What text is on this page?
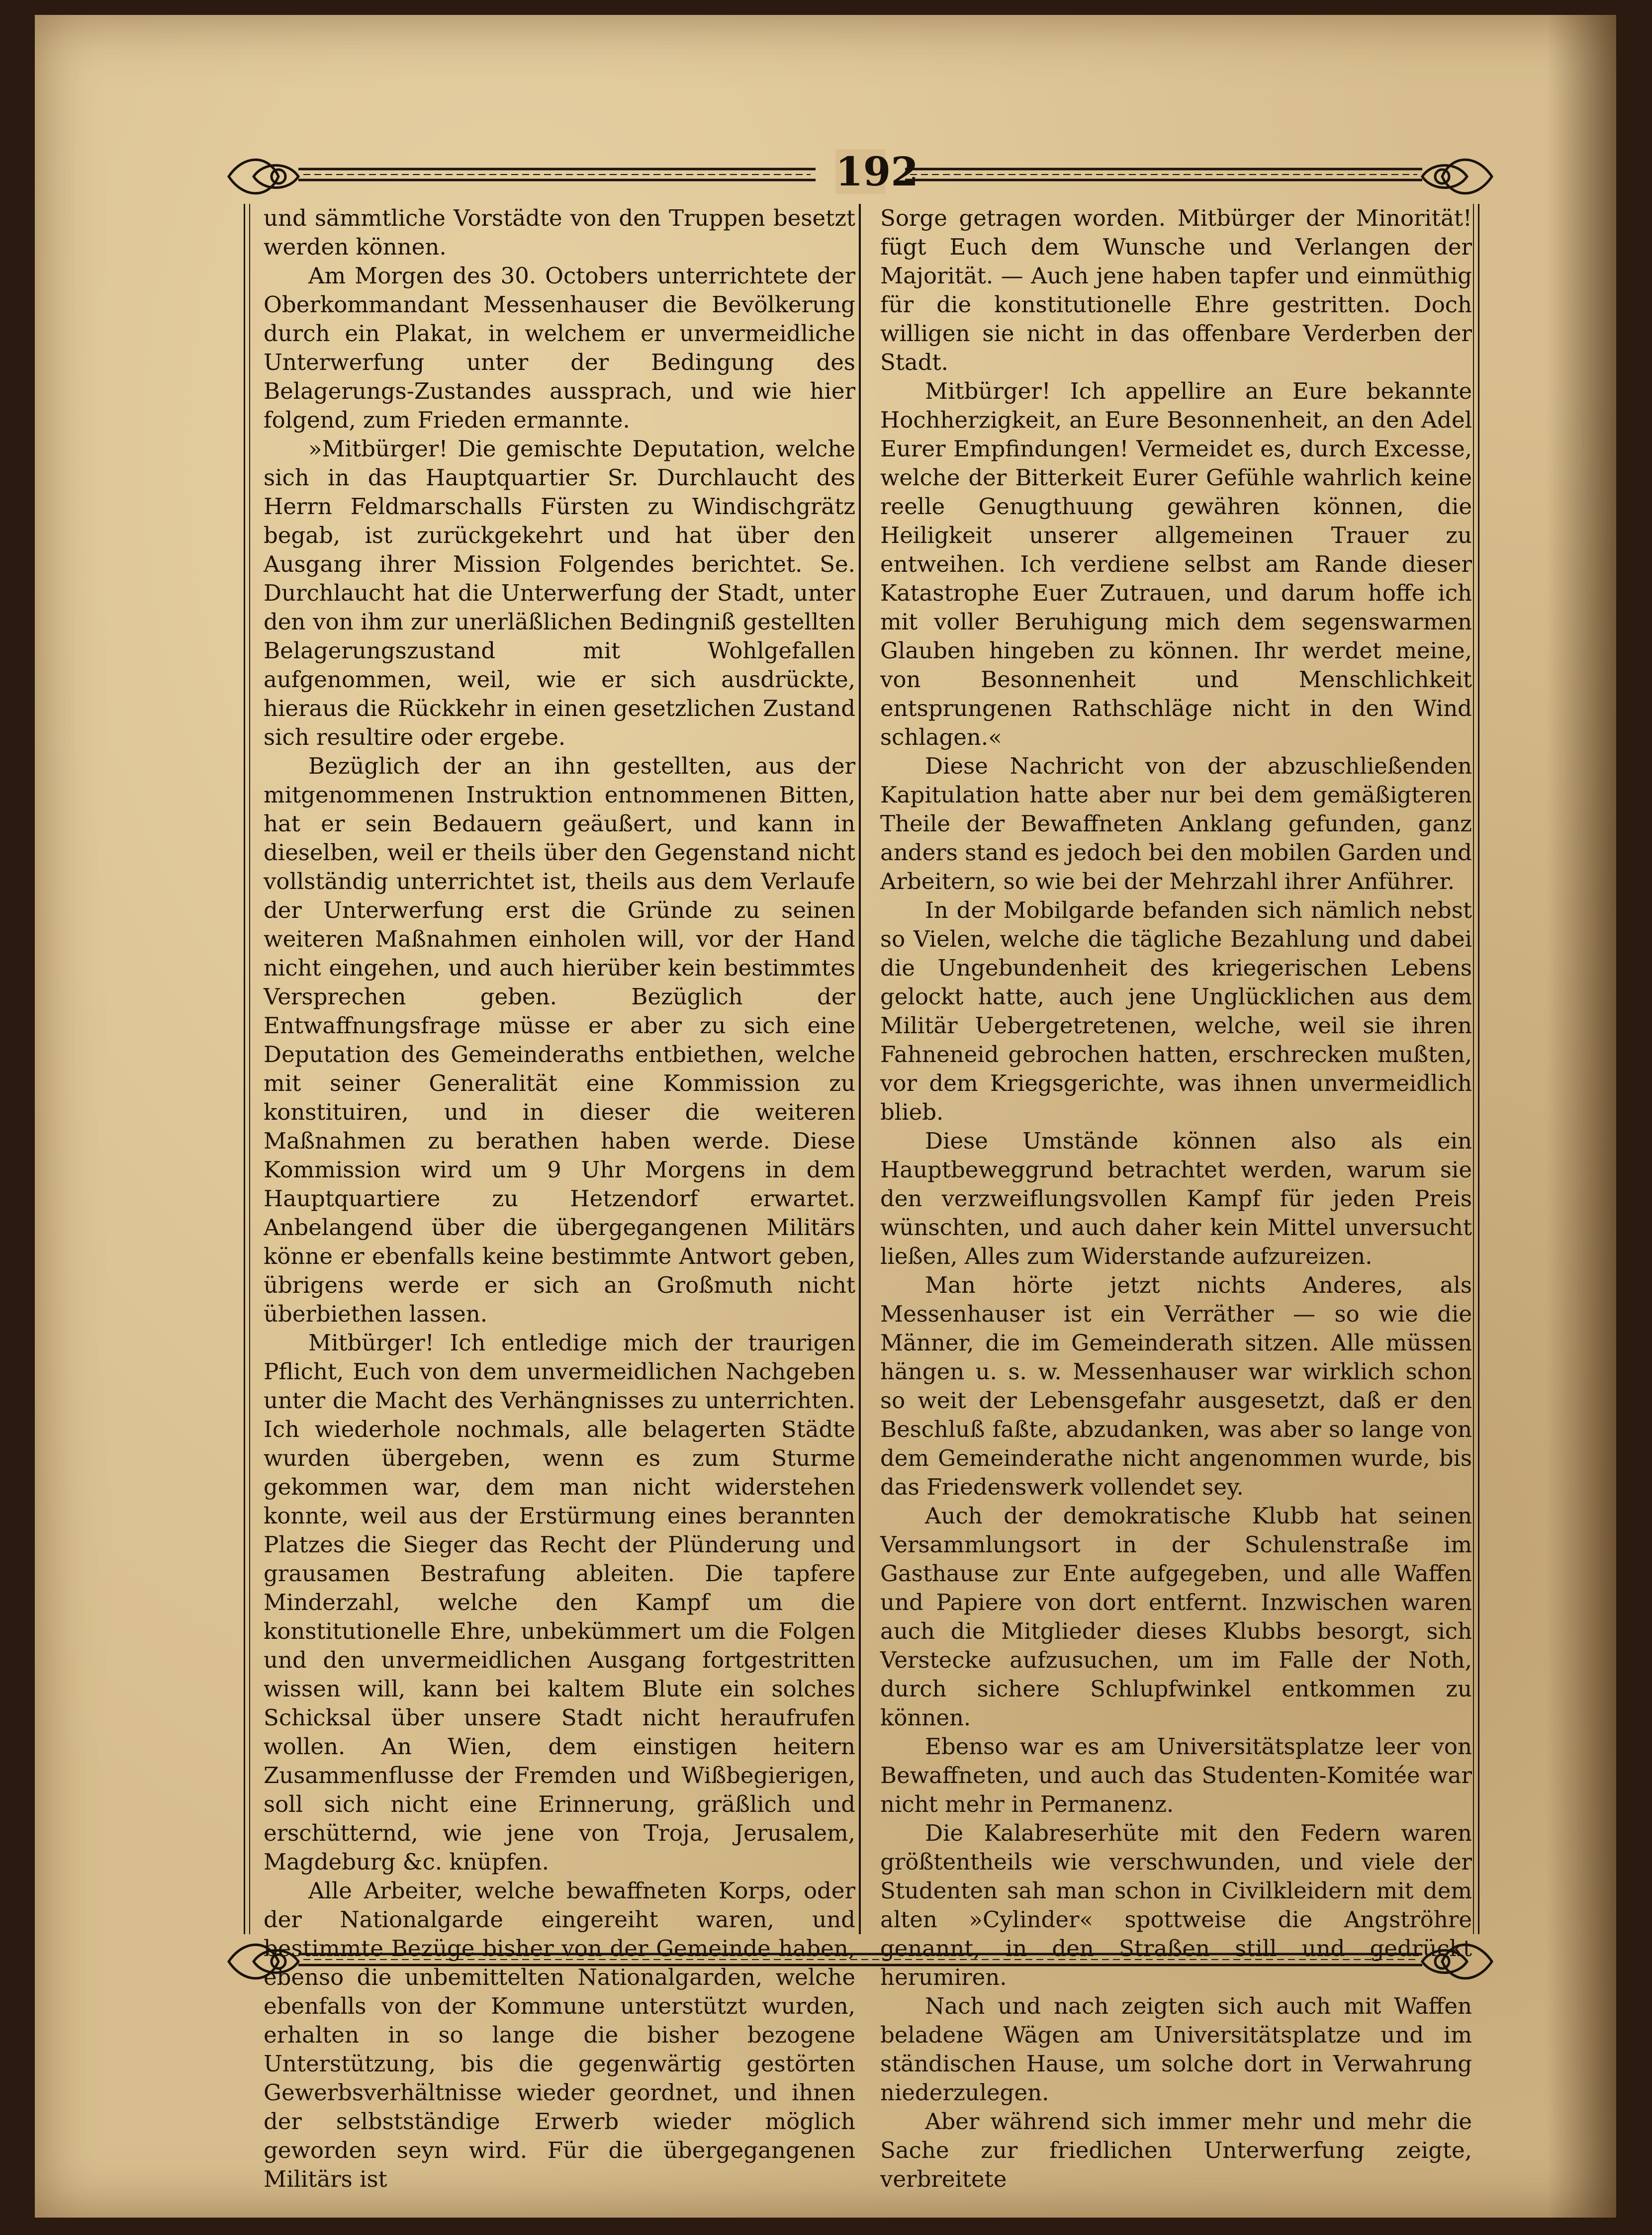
192

und sämmtliche Vorstädte von den Truppen besetzt werden können.

Am Morgen des 30. Octobers unterrichtete der Oberkommandant Messenhauser die Bevölkerung durch ein Plakat, in welchem er unvermeidliche Unterwerfung unter der Bedingung des Belagerungs-Zustandes aussprach, und wie hier folgend, zum Frieden ermannte.

»Mitbürger! Die gemischte Deputation, welche sich in das Hauptquartier Sr. Durchlaucht des Herrn Feldmarschalls Fürsten zu Windischgrätz begab, ist zurückgekehrt und hat über den Ausgang ihrer Mission Folgendes berichtet. Se. Durchlaucht hat die Unterwerfung der Stadt, unter den von ihm zur unerläßlichen Bedingniß gestellten Belagerungszustand mit Wohlgefallen aufgenommen, weil, wie er sich ausdrückte, hieraus die Rückkehr in einen gesetzlichen Zustand sich resultire oder ergebe.

Bezüglich der an ihn gestellten, aus der mitgenommenen Instruktion entnommenen Bitten, hat er sein Bedauern geäußert, und kann in dieselben, weil er theils über den Gegenstand nicht vollständig unterrichtet ist, theils aus dem Verlaufe der Unterwerfung erst die Gründe zu seinen weiteren Maßnahmen einholen will, vor der Hand nicht eingehen, und auch hierüber kein bestimmtes Versprechen geben. Bezüglich der Entwaffnungsfrage müsse er aber zu sich eine Deputation des Gemeinderaths entbiethen, welche mit seiner Generalität eine Kommission zu konstituiren, und in dieser die weiteren Maßnahmen zu berathen haben werde. Diese Kommission wird um 9 Uhr Morgens in dem Hauptquartiere zu Hetzendorf erwartet. Anbelangend über die übergegangenen Militärs könne er ebenfalls keine bestimmte Antwort geben, übrigens werde er sich an Großmuth nicht überbiethen lassen.

Mitbürger! Ich entledige mich der traurigen Pflicht, Euch von dem unvermeidlichen Nachgeben unter die Macht des Verhängnisses zu unterrichten. Ich wiederhole nochmals, alle belagerten Städte wurden übergeben, wenn es zum Sturme gekommen war, dem man nicht widerstehen konnte, weil aus der Erstürmung eines berannten Platzes die Sieger das Recht der Plünderung und grausamen Bestrafung ableiten. Die tapfere Minderzahl, welche den Kampf um die konstitutionelle Ehre, unbekümmert um die Folgen und den unvermeidlichen Ausgang fortgestritten wissen will, kann bei kaltem Blute ein solches Schicksal über unsere Stadt nicht heraufrufen wollen. An Wien, dem einstigen heitern Zusammenflusse der Fremden und Wißbegierigen, soll sich nicht eine Erinnerung, gräßlich und erschütternd, wie jene von Troja, Jerusalem, Magdeburg &c. knüpfen.

Alle Arbeiter, welche bewaffneten Korps, oder der Nationalgarde eingereiht waren, und bestimmte Bezüge bisher von der Gemeinde haben, ebenso die unbemittelten Nationalgarden, welche ebenfalls von der Kommune unterstützt wurden, erhalten in so lange die bisher bezogene Unterstützung, bis die gegenwärtig gestörten Gewerbsverhältnisse wieder geordnet, und ihnen der selbstständige Erwerb wieder möglich geworden seyn wird. Für die übergegangenen Militärs ist

Sorge getragen worden. Mitbürger der Minorität! fügt Euch dem Wunsche und Verlangen der Majorität. — Auch jene haben tapfer und einmüthig für die konstitutionelle Ehre gestritten. Doch willigen sie nicht in das offenbare Verderben der Stadt.

Mitbürger! Ich appellire an Eure bekannte Hochherzigkeit, an Eure Besonnenheit, an den Adel Eurer Empfindungen! Vermeidet es, durch Excesse, welche der Bitterkeit Eurer Gefühle wahrlich keine reelle Genugthuung gewähren können, die Heiligkeit unserer allgemeinen Trauer zu entweihen. Ich verdiene selbst am Rande dieser Katastrophe Euer Zutrauen, und darum hoffe ich mit voller Beruhigung mich dem segenswarmen Glauben hingeben zu können. Ihr werdet meine, von Besonnenheit und Menschlichkeit entsprungenen Rathschläge nicht in den Wind schlagen.«

Diese Nachricht von der abzuschließenden Kapitulation hatte aber nur bei dem gemäßigteren Theile der Bewaffneten Anklang gefunden, ganz anders stand es jedoch bei den mobilen Garden und Arbeitern, so wie bei der Mehrzahl ihrer Anführer.

In der Mobilgarde befanden sich nämlich nebst so Vielen, welche die tägliche Bezahlung und dabei die Ungebundenheit des kriegerischen Lebens gelockt hatte, auch jene Unglücklichen aus dem Militär Uebergetretenen, welche, weil sie ihren Fahneneid gebrochen hatten, erschrecken mußten, vor dem Kriegsgerichte, was ihnen unvermeidlich blieb.

Diese Umstände können also als ein Hauptbeweggrund betrachtet werden, warum sie den verzweiflungsvollen Kampf für jeden Preis wünschten, und auch daher kein Mittel unversucht ließen, Alles zum Widerstande aufzureizen.

Man hörte jetzt nichts Anderes, als Messenhauser ist ein Verräther — so wie die Männer, die im Gemeinderath sitzen. Alle müssen hängen u. s. w. Messenhauser war wirklich schon so weit der Lebensgefahr ausgesetzt, daß er den Beschluß faßte, abzudanken, was aber so lange von dem Gemeinderathe nicht angenommen wurde, bis das Friedenswerk vollendet sey.

Auch der demokratische Klubb hat seinen Versammlungsort in der Schulenstraße im Gasthause zur Ente aufgegeben, und alle Waffen und Papiere von dort entfernt. Inzwischen waren auch die Mitglieder dieses Klubbs besorgt, sich Verstecke aufzusuchen, um im Falle der Noth, durch sichere Schlupfwinkel entkommen zu können.

Ebenso war es am Universitätsplatze leer von Bewaffneten, und auch das Studenten-Komitée war nicht mehr in Permanenz.

Die Kalabreserhüte mit den Federn waren größtentheils wie verschwunden, und viele der Studenten sah man schon in Civilkleidern mit dem alten »Cylinder« spottweise die Angströhre genannt, in den Straßen still und gedrückt herumiren.

Nach und nach zeigten sich auch mit Waffen beladene Wägen am Universitätsplatze und im ständischen Hause, um solche dort in Verwahrung niederzulegen.

Aber während sich immer mehr und mehr die Sache zur friedlichen Unterwerfung zeigte, verbreitete
